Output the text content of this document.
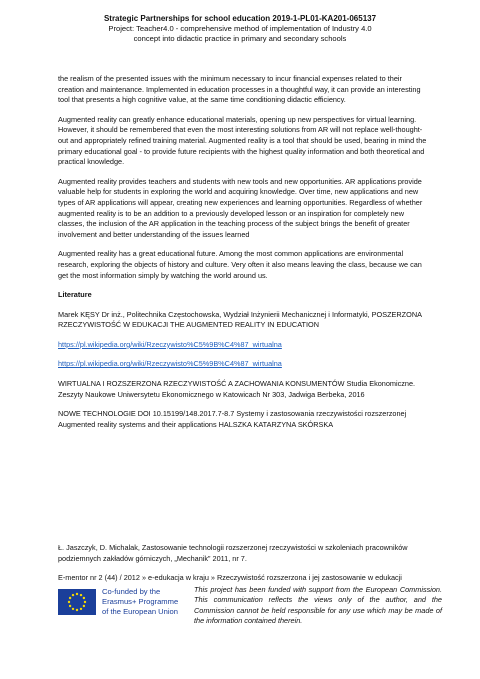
Strategic Partnerships for school education 2019-1-PL01-KA201-065137
Project: Teacher4.0 - comprehensive method of implementation of Industry 4.0
concept into didactic practice in primary and secondary schools

the realism of the presented issues with the minimum necessary to incur financial expenses related to their creation and maintenance. Implemented in education processes in a thoughtful way, it can provide an interesting tool that presents a high cognitive value, at the same time conditioning didactic efficiency.

Augmented reality can greatly enhance educational materials, opening up new perspectives for virtual learning. However, it should be remembered that even the most interesting solutions from AR will not replace well-thought-out and appropriately refined training material. Augmented reality is a tool that should be used, bearing in mind the primary educational goal - to provide future recipients with the highest quality information and both theoretical and practical knowledge.

Augmented reality provides teachers and students with new tools and new opportunities. AR applications provide valuable help for students in exploring the world and acquiring knowledge. Over time, new applications and new types of AR applications will appear, creating new experiences and learning opportunities. Regardless of whether augmented reality is to be an addition to a previously developed lesson or an inspiration for completely new classes, the inclusion of the AR application in the teaching process of the subject brings the benefit of greater involvement and better understanding of the issues learned

Augmented reality has a great educational future. Among the most common applications are environmental research, exploring the objects of history and culture. Very often it also means leaving the class, because we can get the most information simply by watching the world around us.

Literature

Marek KĘSY Dr inż., Politechnika Częstochowska, Wydział Inżynierii Mechanicznej i Informatyki, POSZERZONA RZECZYWISTOŚĆ W EDUKACJI THE AUGMENTED REALITY IN EDUCATION

https://pl.wikipedia.org/wiki/Rzeczywisto%C5%9B%C4%87_wirtualna

https://pl.wikipedia.org/wiki/Rzeczywisto%C5%9B%C4%87_wirtualna

WIRTUALNA I ROZSZERZONA RZECZYWISTOŚĆ A ZACHOWANIA KONSUMENTÓW Studia Ekonomiczne. Zeszyty Naukowe Uniwersytetu Ekonomicznego w Katowicach Nr 303, Jadwiga Berbeka, 2016

NOWE TECHNOLOGIE DOI 10.15199/148.2017.7-8.7 Systemy i zastosowania rzeczywistości rozszerzonej Augmented reality systems and their applications HALSZKA KATARZYNA SKÓRSKA

Ł. Jaszczyk, D. Michalak, Zastosowanie technologii rozszerzonej rzeczywistości w szkoleniach pracowników podziemnych zakładów górniczych, „Mechanik” 2011, nr 7.

E-mentor nr 2 (44) / 2012 » e-edukacja w kraju » Rzeczywistość rozszerzona i jej zastosowanie w edukacji

Co-funded by the
Erasmus+ Programme
of the European Union
This project has been funded with support from the European Commission. This communication reflects the views only of the author, and the Commission cannot be held responsible for any use which may be made of the information contained therein.
